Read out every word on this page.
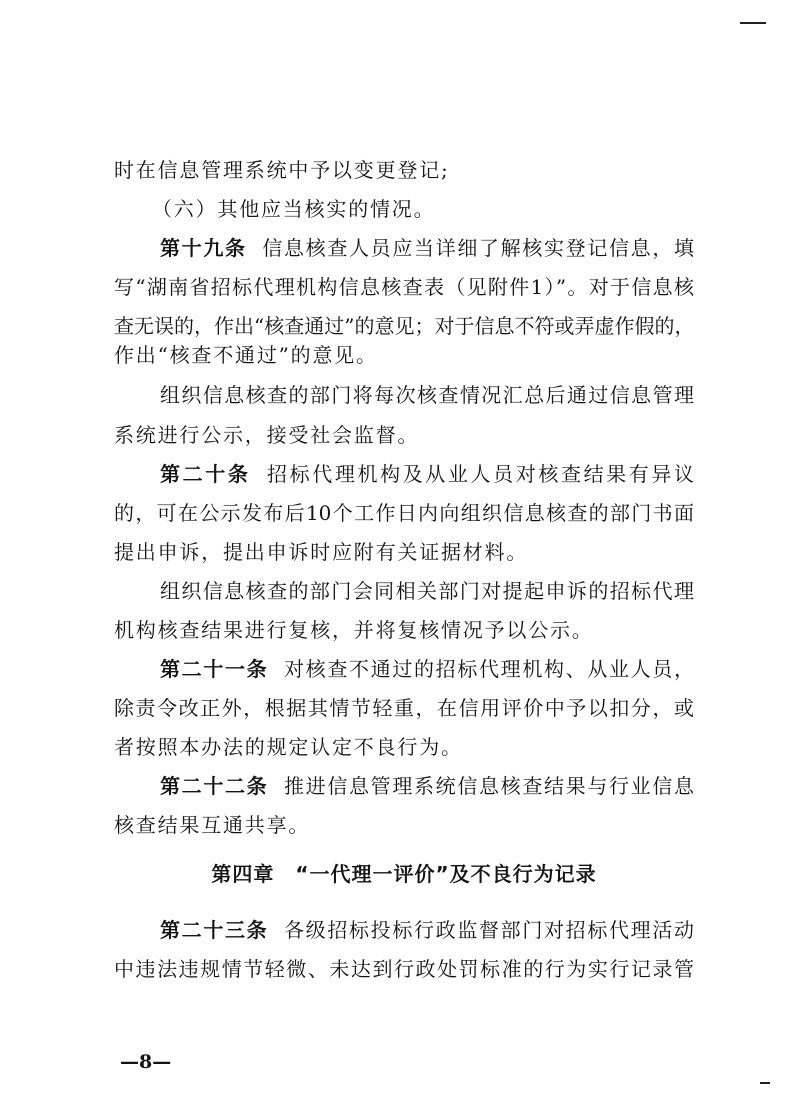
时在信息管理系统中予以变更登记;
（六）其他应当核实的情况。
第十九条 信息核查人员应当详细了解核实登记信息，填
写“湖南省招标代理机构信息核查表（见附件1）”。对于信息核
查无误的，作出“核查通过”的意见；对于信息不符或弄虚作假的，
作出“核查不通过”的意见。
组织信息核查的部门将每次核查情况汇总后通过信息管理
系统进行公示，接受社会监督。
第二十条 招标代理机构及从业人员对核查结果有异议
的，可在公示发布后10个工作日内向组织信息核查的部门书面
提出申诉，提出申诉时应附有关证据材料。
组织信息核查的部门会同相关部门对提起申诉的招标代理
机构核查结果进行复核，并将复核情况予以公示。
第二十一条 对核查不通过的招标代理机构、从业人员，
除责令改正外，根据其情节轻重，在信用评价中予以扣分，或
者按照本办法的规定认定不良行为。
第二十二条 推进信息管理系统信息核查结果与行业信息
核查结果互通共享。
第四章　“一代理一评价”及不良行为记录
第二十三条 各级招标投标行政监督部门对招标代理活动
中违法违规情节轻微、未达到行政处罚标准的行为实行记录管
—8—
